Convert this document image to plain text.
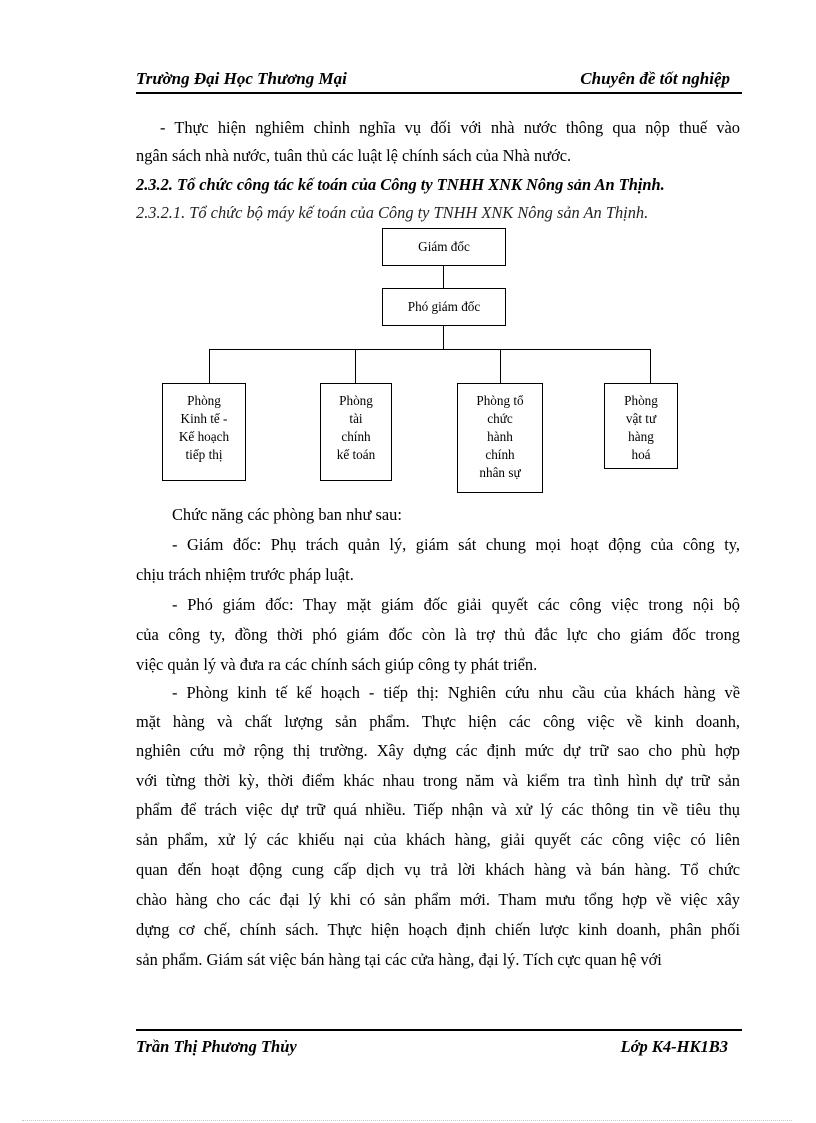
Trường Đại Học Thương Mại	Chuyên đề tốt nghiệp
- Thực hiện nghiêm chỉnh nghĩa vụ đối với nhà nước thông qua nộp thuế vào
ngân sách nhà nước, tuân thủ các luật lệ chính sách của Nhà nước.
2.3.2. Tổ chức công tác kế toán của Công ty TNHH XNK Nông sản An Thịnh.
2.3.2.1. Tổ chức bộ máy kế toán của Công ty TNHH XNK Nông sản An Thịnh.
Giám đốc
Phó giám đốc
Phòng
Kinh tế -
Kế hoạch
tiếp thị
Phòng
tài
chính
kế toán
Phòng tổ
chức
hành
chính
nhân sự
Phòng
vật tư
hàng
hoá
Chức năng các phòng ban như sau:
- Giám đốc: Phụ trách quản lý, giám sát chung mọi hoạt động của công ty,
chịu trách nhiệm trước pháp luật.
- Phó giám đốc: Thay mặt giám đốc giải quyết các công việc trong nội bộ
của công ty, đồng thời phó giám đốc còn là trợ thủ đắc lực cho giám đốc trong
việc quản lý và đưa ra các chính sách giúp công ty phát triển.
- Phòng kinh tế kế hoạch - tiếp thị: Nghiên cứu nhu cầu của khách hàng về
mặt hàng và chất lượng sản phẩm. Thực hiện các công việc về kinh doanh,
nghiên cứu mở rộng thị trường. Xây dựng các định mức dự trữ sao cho phù hợp
với từng thời kỳ, thời điểm khác nhau trong năm và kiểm tra tình hình dự trữ sản
phẩm để trách việc dự trữ quá nhiều. Tiếp nhận và xử lý các thông tin về tiêu thụ
sản phẩm, xử lý các khiếu nại của khách hàng, giải quyết các công việc có liên
quan đến hoạt động cung cấp dịch vụ trả lời khách hàng và bán hàng. Tổ chức
chào hàng cho các đại lý khi có sản phẩm mới. Tham mưu tổng hợp về việc xây
dựng cơ chế, chính sách. Thực hiện hoạch định chiến lược kinh doanh, phân phối
sản phẩm. Giám sát việc bán hàng tại các cửa hàng, đại lý. Tích cực quan hệ với
Trần Thị Phương Thủy	Lớp K4-HK1B3
